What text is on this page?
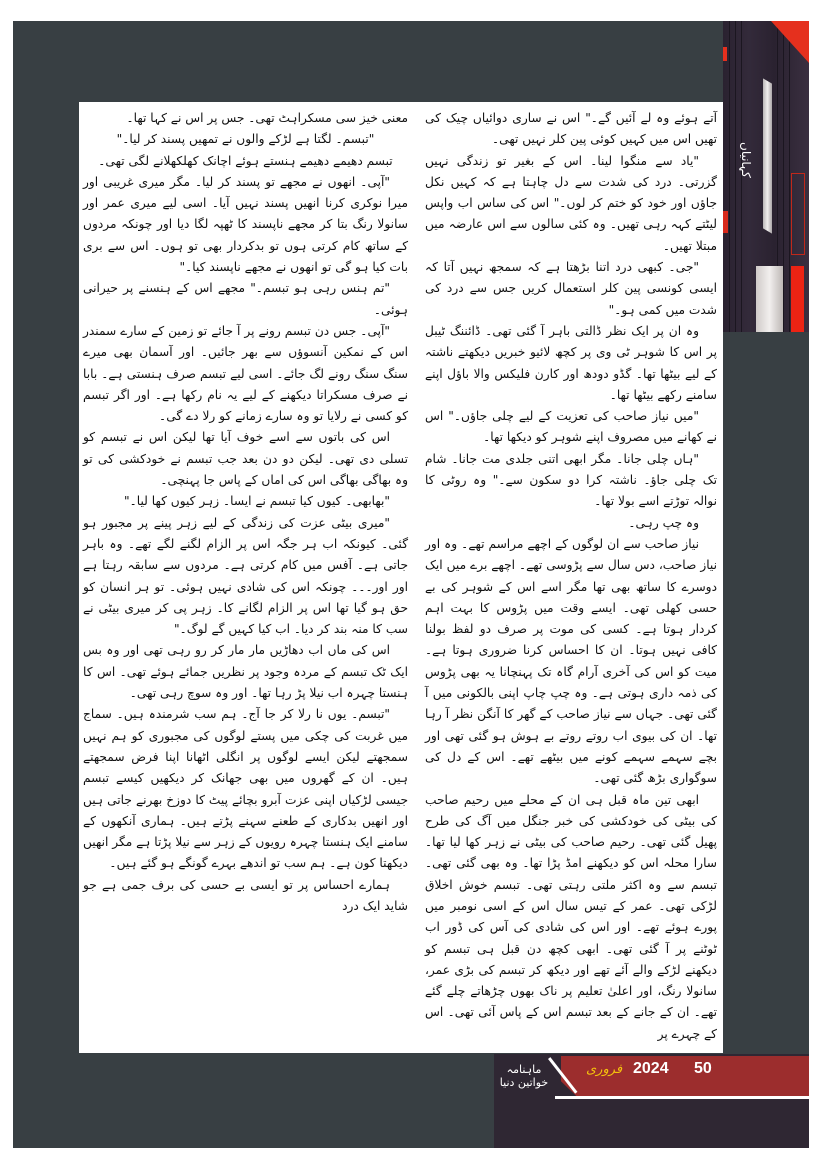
کہانیاں

آتے ہوئے وہ لے آئیں گے۔" اس نے ساری دوائیاں چیک کی تھیں اس میں کہیں کوئی پین کلر نہیں تھی۔

"یاد سے منگوا لینا۔ اس کے بغیر تو زندگی نہیں گزرتی۔ درد کی شدت سے دل چاہتا ہے کہ کہیں نکل جاؤں اور خود کو ختم کر لوں۔" اس کی ساس اب واپس لیٹتے کہہ رہی تھیں۔ وہ کئی سالوں سے اس عارضہ میں مبتلا تھیں۔

"جی۔ کبھی درد اتنا بڑھتا ہے کہ سمجھ نہیں آتا کہ ایسی کونسی پین کلر استعمال کریں جس سے درد کی شدت میں کمی ہو۔"

وہ ان پر ایک نظر ڈالتی باہر آ گئی تھی۔ ڈائننگ ٹیبل پر اس کا شوہر ٹی وی پر کچھ لائیو خبریں دیکھتے ناشتہ کے لیے بیٹھا تھا۔ گڈو دودھ اور کارن فلیکس والا باؤل اپنے سامنے رکھے بیٹھا تھا۔

"میں نیاز صاحب کی تعزیت کے لیے چلی جاؤں۔" اس نے کھانے میں مصروف اپنے شوہر کو دیکھا تھا۔

"ہاں چلی جانا۔ مگر ابھی اتنی جلدی مت جانا۔ شام تک چلی جاؤ۔ ناشتہ کرا دو سکون سے۔" وہ روٹی کا نوالہ توڑتے اسے بولا تھا۔

وہ چپ رہی۔

نیاز صاحب سے ان لوگوں کے اچھے مراسم تھے۔ وہ اور نیاز صاحب، دس سال سے پڑوسی تھے۔ اچھے برے میں ایک دوسرے کا ساتھ بھی تھا مگر اسے اس کے شوہر کی بے حسی کھلی تھی۔ ایسے وقت میں پڑوس کا بہت اہم کردار ہوتا ہے۔ کسی کی موت پر صرف دو لفظ بولنا کافی نہیں ہوتا۔ ان کا احساس کرنا ضروری ہوتا ہے۔ میت کو اس کی آخری آرام گاہ تک پہنچانا یہ بھی پڑوس کی ذمہ داری ہوتی ہے۔ وہ چپ چاپ اپنی بالکونی میں آ گئی تھی۔ جہاں سے نیاز صاحب کے گھر کا آنگن نظر آ رہا تھا۔ ان کی بیوی اب روتے روتے بے ہوش ہو گئی تھی اور بچے سہمے سہمے کونے میں بیٹھے تھے۔ اس کے دل کی سوگواری بڑھ گئی تھی۔

ابھی تین ماہ قبل ہی ان کے محلے میں رحیم صاحب کی بیٹی کی خودکشی کی خبر جنگل میں آگ کی طرح پھیل گئی تھی۔ رحیم صاحب کی بیٹی نے زہر کھا لیا تھا۔ سارا محلہ اس کو دیکھنے امڈ پڑا تھا۔ وہ بھی گئی تھی۔ تبسم سے وہ اکثر ملتی رہتی تھی۔ تبسم خوش اخلاق لڑکی تھی۔ عمر کے تیس سال اس کے اسی نومبر میں پورے ہوئے تھے۔ اور اس کی شادی کی آس کی ڈور اب ٹوٹنے پر آ گئی تھی۔ ابھی کچھ دن قبل ہی تبسم کو دیکھنے لڑکے والے آئے تھے اور دیکھ کر تبسم کی بڑی عمر، سانولا رنگ، اور اعلیٰ تعلیم پر ناک بھوں چڑھاتے چلے گئے تھے۔ ان کے جانے کے بعد تبسم اس کے پاس آئی تھی۔ اس کے چہرے پر

معنی خیز سی مسکراہٹ تھی۔ جس پر اس نے کہا تھا۔

"تبسم۔ لگتا ہے لڑکے والوں نے تمھیں پسند کر لیا۔"

تبسم دھیمے دھیمے ہنستے ہوئے اچانک کھلکھلانے لگی تھی۔

"آپی۔ انھوں نے مجھے تو پسند کر لیا۔ مگر میری غریبی اور میرا نوکری کرنا انھیں پسند نہیں آیا۔ اسی لیے میری عمر اور سانولا رنگ بتا کر مجھے ناپسند کا ٹھپہ لگا دیا اور چونکہ مردوں کے ساتھ کام کرتی ہوں تو بدکردار بھی تو ہوں۔ اس سے بری بات کیا ہو گی تو انھوں نے مجھے ناپسند کیا۔"

"تم ہنس رہی ہو تبسم۔" مجھے اس کے ہنسنے پر حیرانی ہوئی۔

"آپی۔ جس دن تبسم رونے پر آ جائے تو زمین کے سارے سمندر اس کے نمکین آنسوؤں سے بھر جائیں۔ اور آسمان بھی میرے سنگ سنگ رونے لگ جائے۔ اسی لیے تبسم صرف ہنستی ہے۔ بابا نے صرف مسکراتا دیکھنے کے لیے یہ نام رکھا ہے۔ اور اگر تبسم کو کسی نے رلایا تو وہ سارے زمانے کو رلا دے گی۔

اس کی باتوں سے اسے خوف آیا تھا لیکن اس نے تبسم کو تسلی دی تھی۔ لیکن دو دن بعد جب تبسم نے خودکشی کی تو وہ بھاگی بھاگی اس کی اماں کے پاس جا پہنچی۔

"بھابھی۔ کیوں کیا تبسم نے ایسا۔ زہر کیوں کھا لیا۔"

"میری بیٹی عزت کی زندگی کے لیے زہر پینے پر مجبور ہو گئی۔ کیونکہ اب ہر جگہ اس پر الزام لگنے لگے تھے۔ وہ باہر جاتی ہے۔ آفس میں کام کرتی ہے۔ مردوں سے سابقہ رہتا ہے اور اور۔۔۔ چونکہ اس کی شادی نہیں ہوئی۔ تو ہر انسان کو حق ہو گیا تھا اس پر الزام لگانے کا۔ زہر پی کر میری بیٹی نے سب کا منہ بند کر دیا۔ اب کیا کہیں گے لوگ۔"

اس کی ماں اب دھاڑیں مار مار کر رو رہی تھی اور وہ بس ایک ٹک تبسم کے مردہ وجود پر نظریں جمائے ہوئے تھی۔ اس کا ہنستا چہرہ اب نیلا پڑ رہا تھا۔ اور وہ سوچ رہی تھی۔

"تبسم۔ یوں نا رلا کر جا آج۔ ہم سب شرمندہ ہیں۔ سماج میں غربت کی چکی میں پستے لوگوں کی مجبوری کو ہم نہیں سمجھتے لیکن ایسے لوگوں پر انگلی اٹھانا اپنا فرض سمجھتے ہیں۔ ان کے گھروں میں بھی جھانک کر دیکھیں کیسے تبسم جیسی لڑکیاں اپنی عزت آبرو بچائے پیٹ کا دوزخ بھرنے جاتی ہیں اور انھیں بدکاری کے طعنے سہنے پڑتے ہیں۔ ہماری آنکھوں کے سامنے ایک ہنستا چہرہ رویوں کے زہر سے نیلا پڑتا ہے مگر انھیں دیکھتا کون ہے۔ ہم سب تو اندھے بہرے گونگے ہو گئے ہیں۔

ہمارے احساس پر تو ایسی بے حسی کی برف جمی ہے جو شاید ایک درد

ماہنامہ خواتین دنیا
فروری 2024 50
